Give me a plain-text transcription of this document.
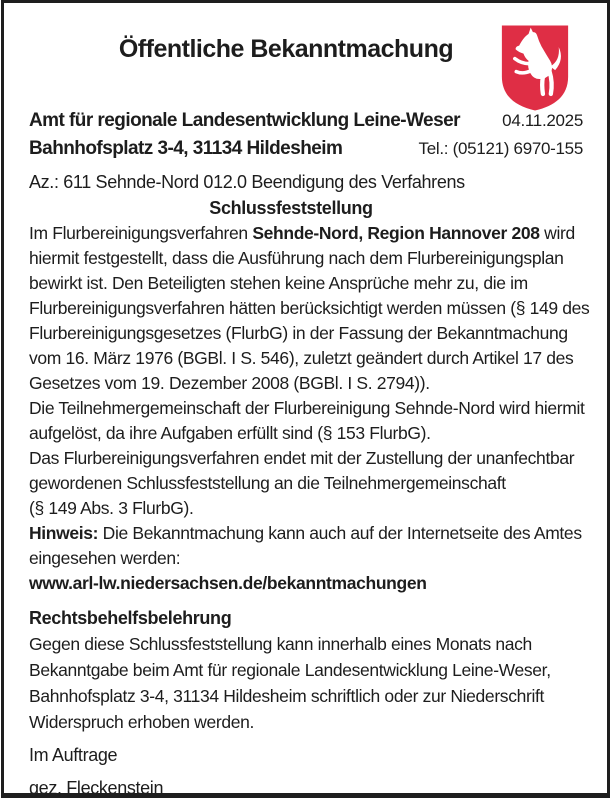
Öffentliche Bekanntmachung
Amt für regionale Landesentwicklung Leine-Weser 04.11.2025
Bahnhofsplatz 3-4, 31134 Hildesheim	Tel.: (05121) 6970-155
Az.: 611 Sehnde-Nord 012.0 Beendigung des Verfahrens
Schlussfeststellung
Im Flurbereinigungsverfahren Sehnde-Nord, Region Hannover 208 wird
hiermit festgestellt, dass die Ausführung nach dem Flurbereinigungsplan
bewirkt ist. Den Beteiligten stehen keine Ansprüche mehr zu, die im
Flurbereinigungsverfahren hätten berücksichtigt werden müssen (§ 149 des
Flurbereinigungsgesetzes (FlurbG) in der Fassung der Bekanntmachung
vom 16. März 1976 (BGBl. I S. 546), zuletzt geändert durch Artikel 17 des
Gesetzes vom 19. Dezember 2008 (BGBl. I S. 2794)).
Die Teilnehmergemeinschaft der Flurbereinigung Sehnde-Nord wird hiermit
aufgelöst, da ihre Aufgaben erfüllt sind (§ 153 FlurbG).
Das Flurbereinigungsverfahren endet mit der Zustellung der unanfechtbar
gewordenen Schlussfeststellung an die Teilnehmergemeinschaft
(§ 149 Abs. 3 FlurbG).
Hinweis: Die Bekanntmachung kann auch auf der Internetseite des Amtes
eingesehen werden:
www.arl-lw.niedersachsen.de/bekanntmachungen
Rechtsbehelfsbelehrung
Gegen diese Schlussfeststellung kann innerhalb eines Monats nach
Bekanntgabe beim Amt für regionale Landesentwicklung Leine-Weser,
Bahnhofsplatz 3-4, 31134 Hildesheim schriftlich oder zur Niederschrift
Widerspruch erhoben werden.
Im Auftrage
gez. Fleckenstein
